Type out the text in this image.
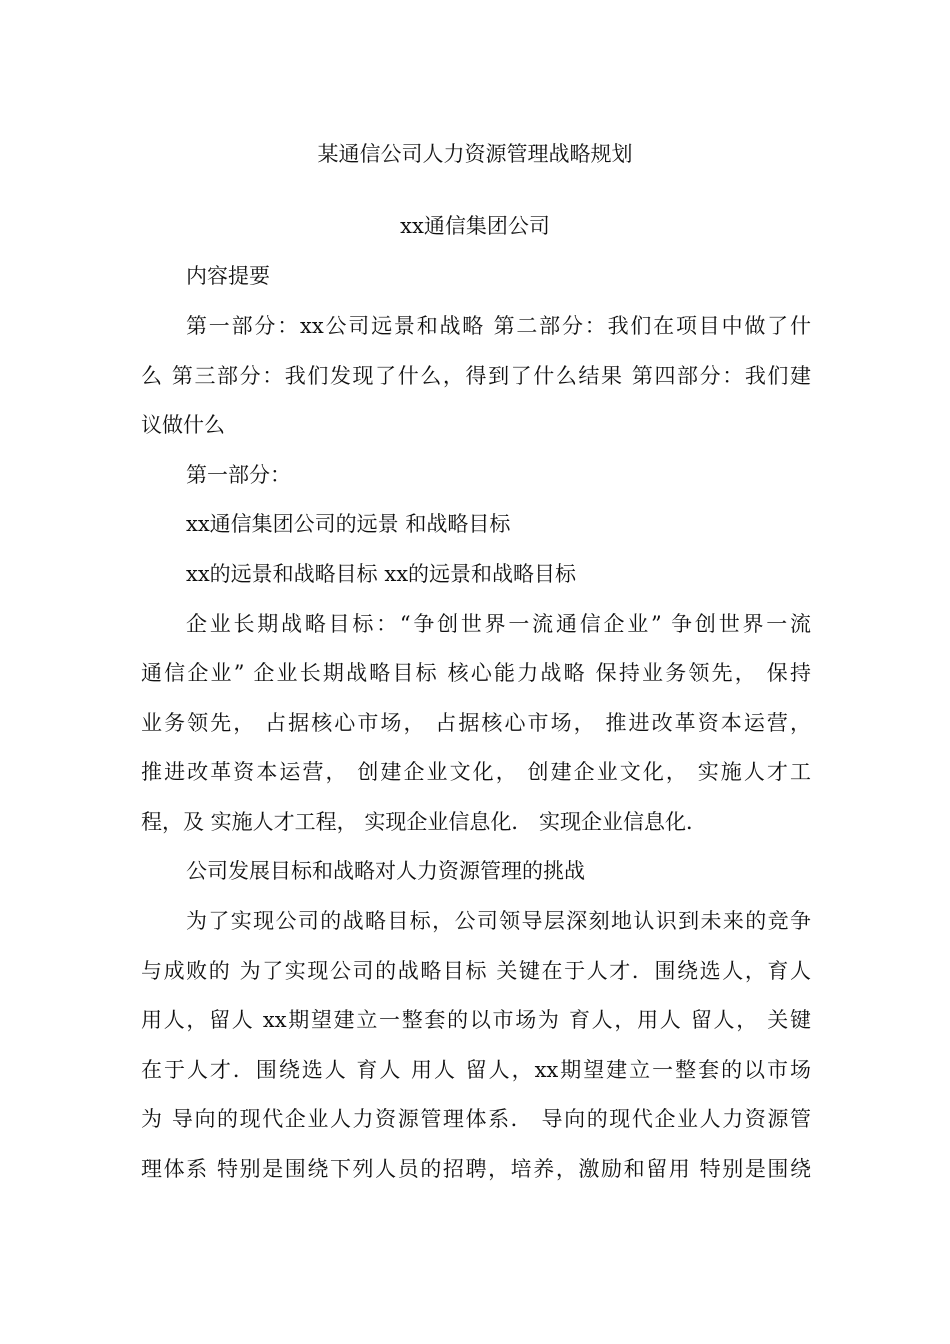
某通信公司人力资源管理战略规划
xx通信集团公司
内容提要
第一部分：xx公司远景和战略 第二部分：我们在项目中做了什
么 第三部分：我们发现了什么，得到了什么结果 第四部分：我们建
议做什么
第一部分：
xx通信集团公司的远景 和战略目标
xx的远景和战略目标 xx的远景和战略目标
企业长期战略目标：“争创世界一流通信企业” 争创世界一流
通信企业” 企业长期战略目标 核心能力战略 保持业务领先， 保持
业务领先， 占据核心市场， 占据核心市场， 推进改革资本运营，
推进改革资本运营， 创建企业文化， 创建企业文化， 实施人才工
程，及 实施人才工程， 实现企业信息化． 实现企业信息化．
公司发展目标和战略对人力资源管理的挑战
为了实现公司的战略目标，公司领导层深刻地认识到未来的竞争
与成败的 为了实现公司的战略目标 关键在于人才．围绕选人，育人
用人，留人 xx期望建立一整套的以市场为 育人，用人 留人， 关键
在于人才．围绕选人 育人 用人 留人，xx期望建立一整套的以市场
为 导向的现代企业人力资源管理体系． 导向的现代企业人力资源管
理体系 特别是围绕下列人员的招聘，培养，激励和留用 特别是围绕
